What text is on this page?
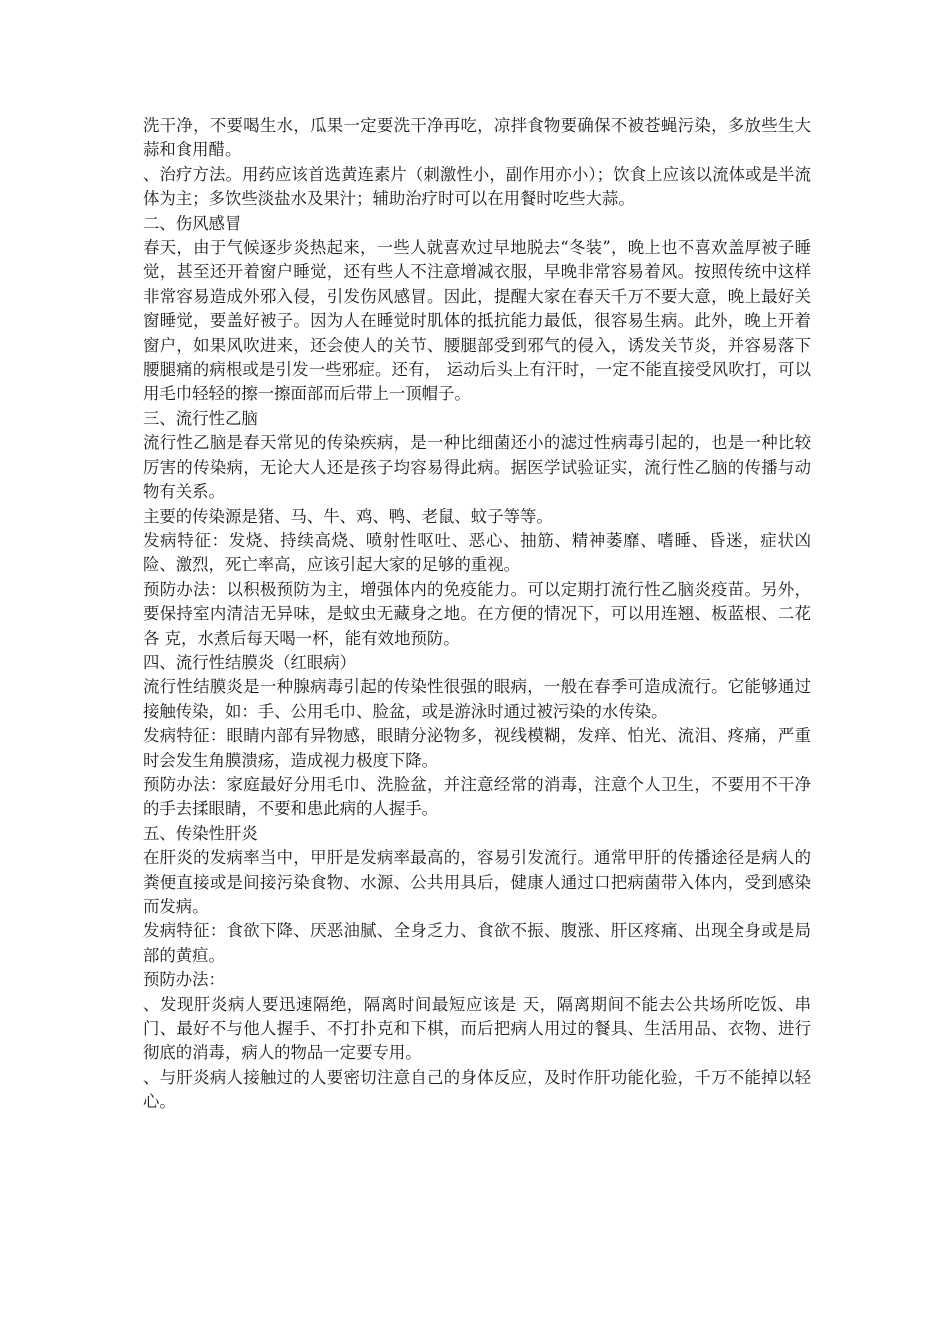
洗干净，不要喝生水，瓜果一定要洗干净再吃，凉拌食物要确保不被苍蝇污染，多放些生大蒜和食用醋。

、治疗方法。用药应该首选黄连素片（刺激性小，副作用亦小）；饮食上应该以流体或是半流体为主；多饮些淡盐水及果汁；辅助治疗时可以在用餐时吃些大蒜。

二、伤风感冒

春天，由于气候逐步炎热起来，一些人就喜欢过早地脱去“冬装”，晚上也不喜欢盖厚被子睡觉，甚至还开着窗户睡觉，还有些人不注意增减衣服，早晚非常容易着风。按照传统中这样非常容易造成外邪入侵，引发伤风感冒。因此，提醒大家在春天千万不要大意，晚上最好关窗睡觉，要盖好被子。因为人在睡觉时肌体的抵抗能力最低，很容易生病。此外，晚上开着窗户，如果风吹进来，还会使人的关节、腰腿部受到邪气的侵入，诱发关节炎，并容易落下腰腿痛的病根或是引发一些邪症。还有， 运动后头上有汗时，一定不能直接受风吹打，可以用毛巾轻轻的擦一擦面部而后带上一顶帽子。

三、流行性乙脑

流行性乙脑是春天常见的传染疾病，是一种比细菌还小的滤过性病毒引起的，也是一种比较厉害的传染病，无论大人还是孩子均容易得此病。据医学试验证实，流行性乙脑的传播与动物有关系。

主要的传染源是猪、马、牛、鸡、鸭、老鼠、蚊子等等。

发病特征：发烧、持续高烧、喷射性呕吐、恶心、抽筋、精神萎靡、嗜睡、昏迷，症状凶险、激烈，死亡率高，应该引起大家的足够的重视。

预防办法：以积极预防为主，增强体内的免疫能力。可以定期打流行性乙脑炎疫苗。另外，要保持室内清洁无异味，是蚊虫无藏身之地。在方便的情况下，可以用连翘、板蓝根、二花各 克，水煮后每天喝一杯，能有效地预防。

四、流行性结膜炎（红眼病）

流行性结膜炎是一种腺病毒引起的传染性很强的眼病，一般在春季可造成流行。它能够通过接触传染，如：手、公用毛巾、脸盆，或是游泳时通过被污染的水传染。

发病特征：眼睛内部有异物感，眼睛分泌物多，视线模糊，发痒、怕光、流泪、疼痛，严重时会发生角膜溃疡，造成视力极度下降。

预防办法：家庭最好分用毛巾、洗脸盆，并注意经常的消毒，注意个人卫生，不要用不干净的手去揉眼睛，不要和患此病的人握手。

五、传染性肝炎

在肝炎的发病率当中，甲肝是发病率最高的，容易引发流行。通常甲肝的传播途径是病人的粪便直接或是间接污染食物、水源、公共用具后，健康人通过口把病菌带入体内，受到感染而发病。

发病特征：食欲下降、厌恶油腻、全身乏力、食欲不振、腹涨、肝区疼痛、出现全身或是局部的黄疸。

预防办法：

、发现肝炎病人要迅速隔绝，隔离时间最短应该是 天，隔离期间不能去公共场所吃饭、串门、最好不与他人握手、不打扑克和下棋，而后把病人用过的餐具、生活用品、衣物、进行彻底的消毒，病人的物品一定要专用。

、与肝炎病人接触过的人要密切注意自己的身体反应，及时作肝功能化验，千万不能掉以轻心。
